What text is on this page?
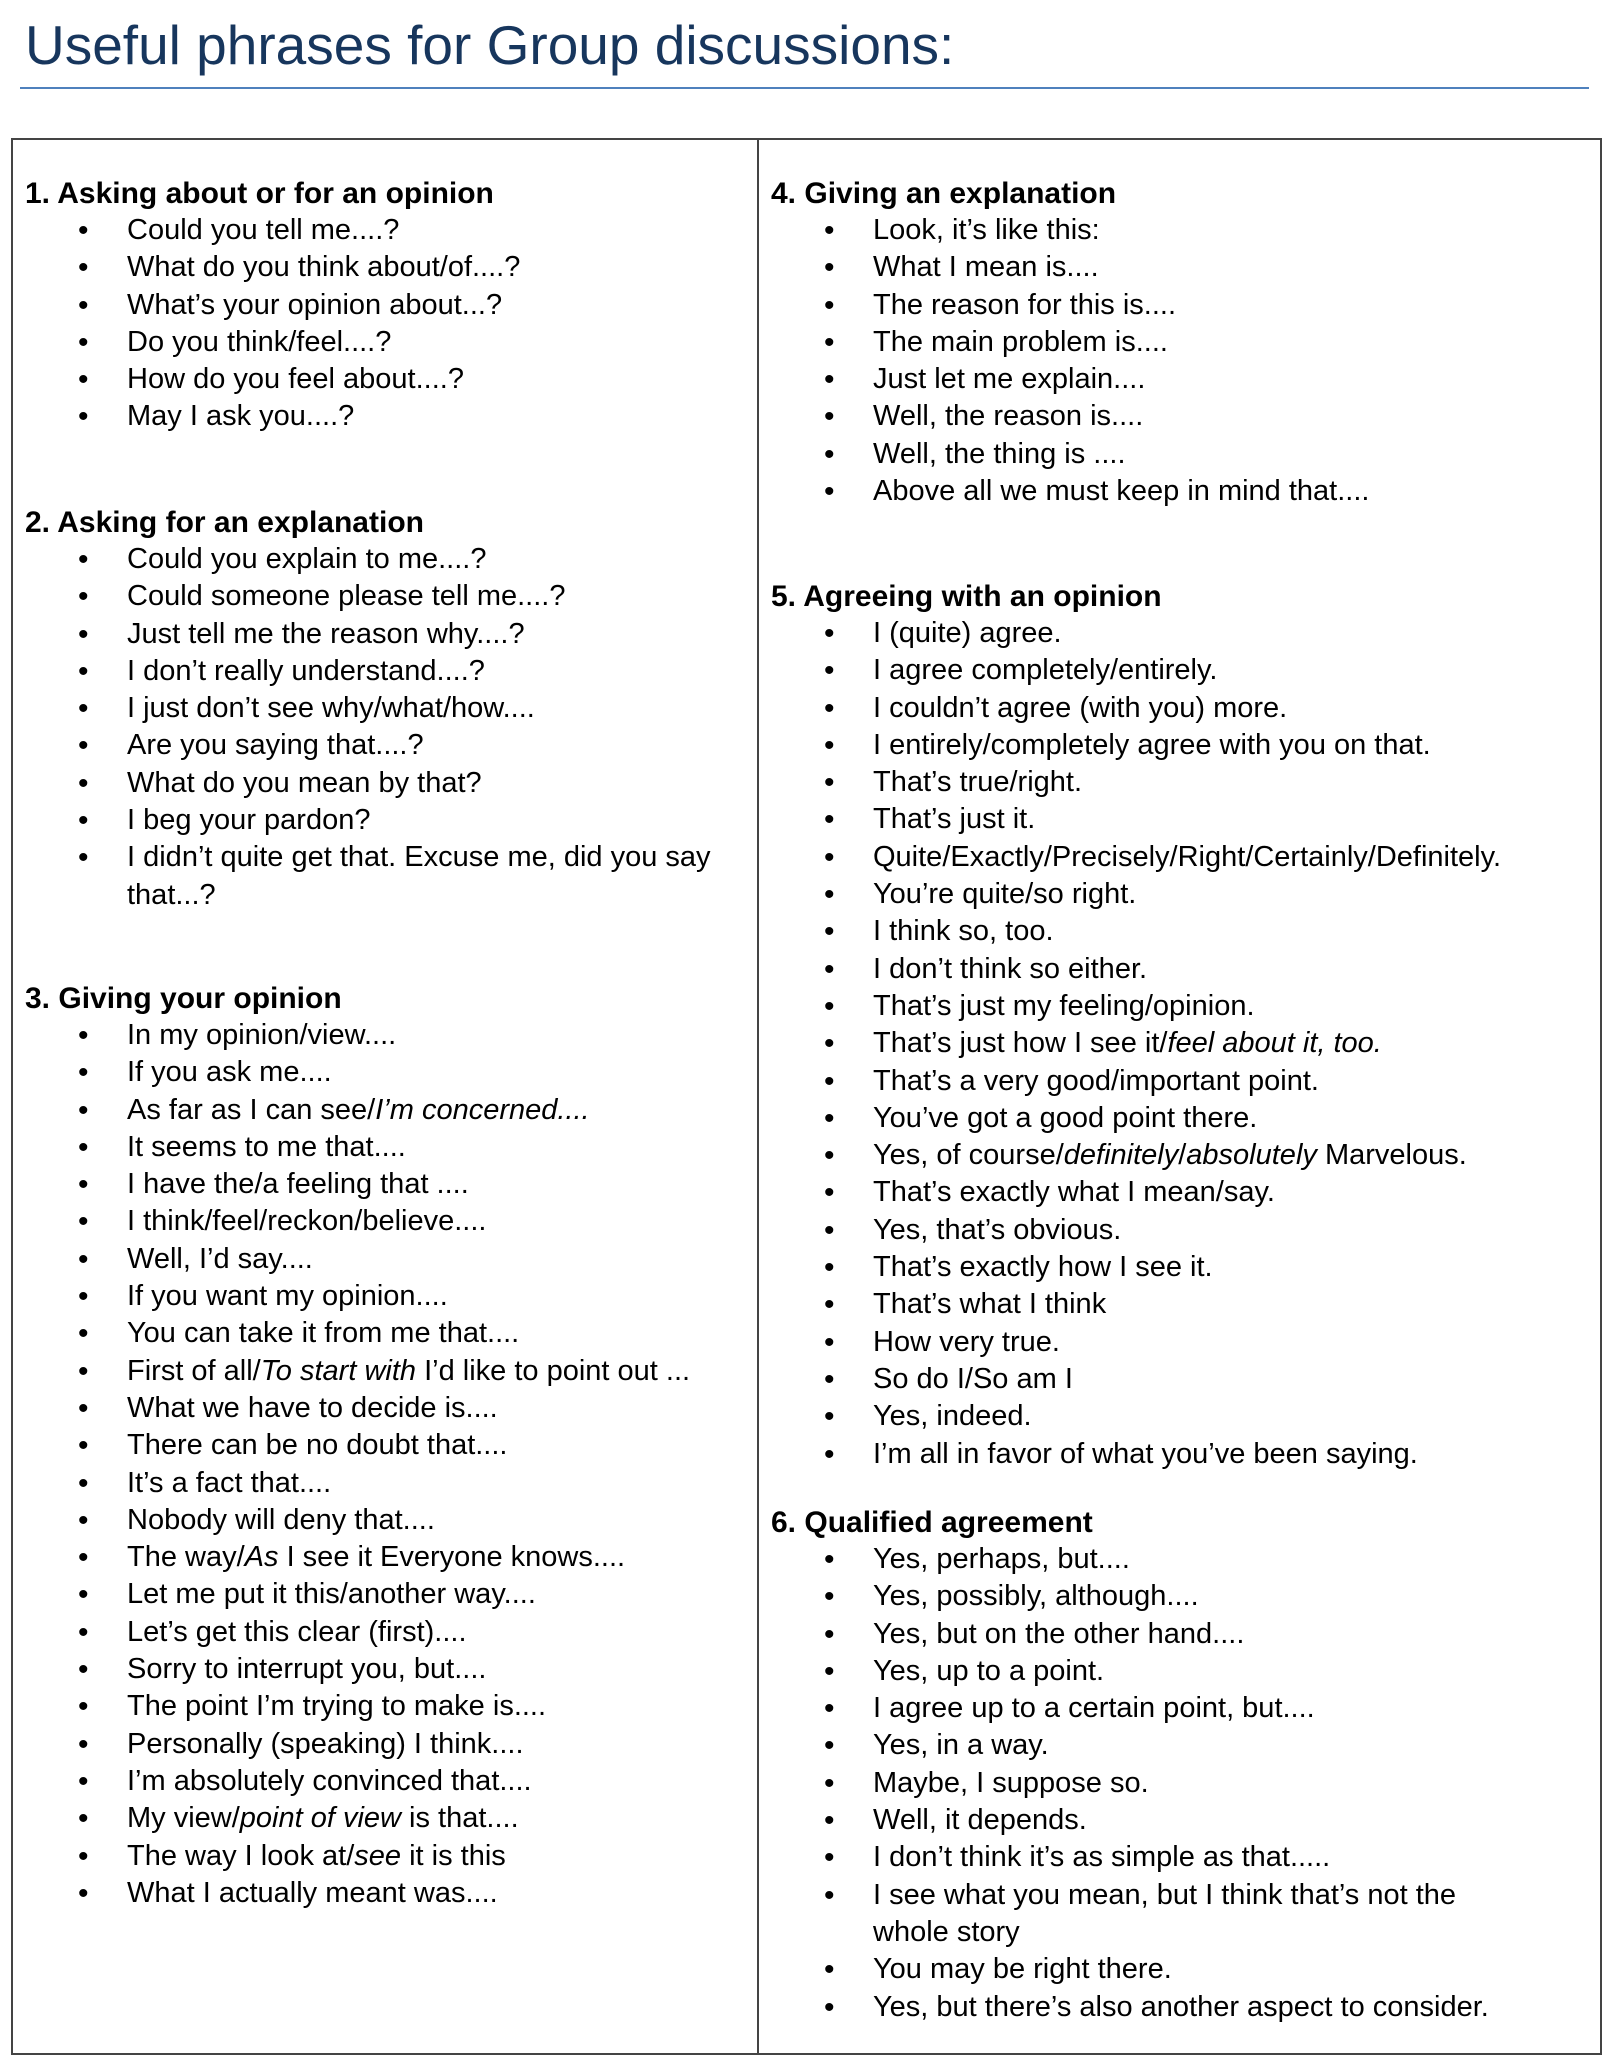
Useful phrases for Group discussions:
1. Asking about or for an opinion
• Could you tell me....?
• What do you think about/of....?
• What’s your opinion about...?
• Do you think/feel....?
• How do you feel about....?
• May I ask you....?
2. Asking for an explanation
• Could you explain to me....?
• Could someone please tell me....?
• Just tell me the reason why....?
• I don’t really understand....?
• I just don’t see why/what/how....
• Are you saying that....?
• What do you mean by that?
• I beg your pardon?
• I didn’t quite get that. Excuse me, did you say that...?
3. Giving your opinion
• In my opinion/view....
• If you ask me....
• As far as I can see/I’m concerned....
• It seems to me that....
• I have the/a feeling that ....
• I think/feel/reckon/believe....
• Well, I’d say....
• If you want my opinion....
• You can take it from me that....
• First of all/To start with I’d like to point out ...
• What we have to decide is....
• There can be no doubt that....
• It’s a fact that....
• Nobody will deny that....
• The way/As I see it Everyone knows....
• Let me put it this/another way....
• Let’s get this clear (first)....
• Sorry to interrupt you, but....
• The point I’m trying to make is....
• Personally (speaking) I think....
• I’m absolutely convinced that....
• My view/point of view is that....
• The way I look at/see it is this
• What I actually meant was....
4. Giving an explanation
• Look, it’s like this:
• What I mean is....
• The reason for this is....
• The main problem is....
• Just let me explain....
• Well, the reason is....
• Well, the thing is ....
• Above all we must keep in mind that....
5. Agreeing with an opinion
• I (quite) agree.
• I agree completely/entirely.
• I couldn’t agree (with you) more.
• I entirely/completely agree with you on that.
• That’s true/right.
• That’s just it.
• Quite/Exactly/Precisely/Right/Certainly/Definitely.
• You’re quite/so right.
• I think so, too.
• I don’t think so either.
• That’s just my feeling/opinion.
• That’s just how I see it/feel about it, too.
• That’s a very good/important point.
• You’ve got a good point there.
• Yes, of course/definitely/absolutely Marvelous.
• That’s exactly what I mean/say.
• Yes, that’s obvious.
• That’s exactly how I see it.
• That’s what I think
• How very true.
• So do I/So am I
• Yes, indeed.
• I’m all in favor of what you’ve been saying.
6. Qualified agreement
• Yes, perhaps, but....
• Yes, possibly, although....
• Yes, but on the other hand....
• Yes, up to a point.
• I agree up to a certain point, but....
• Yes, in a way.
• Maybe, I suppose so.
• Well, it depends.
• I don’t think it’s as simple as that.....
• I see what you mean, but I think that’s not the whole story
• You may be right there.
• Yes, but there’s also another aspect to consider.
